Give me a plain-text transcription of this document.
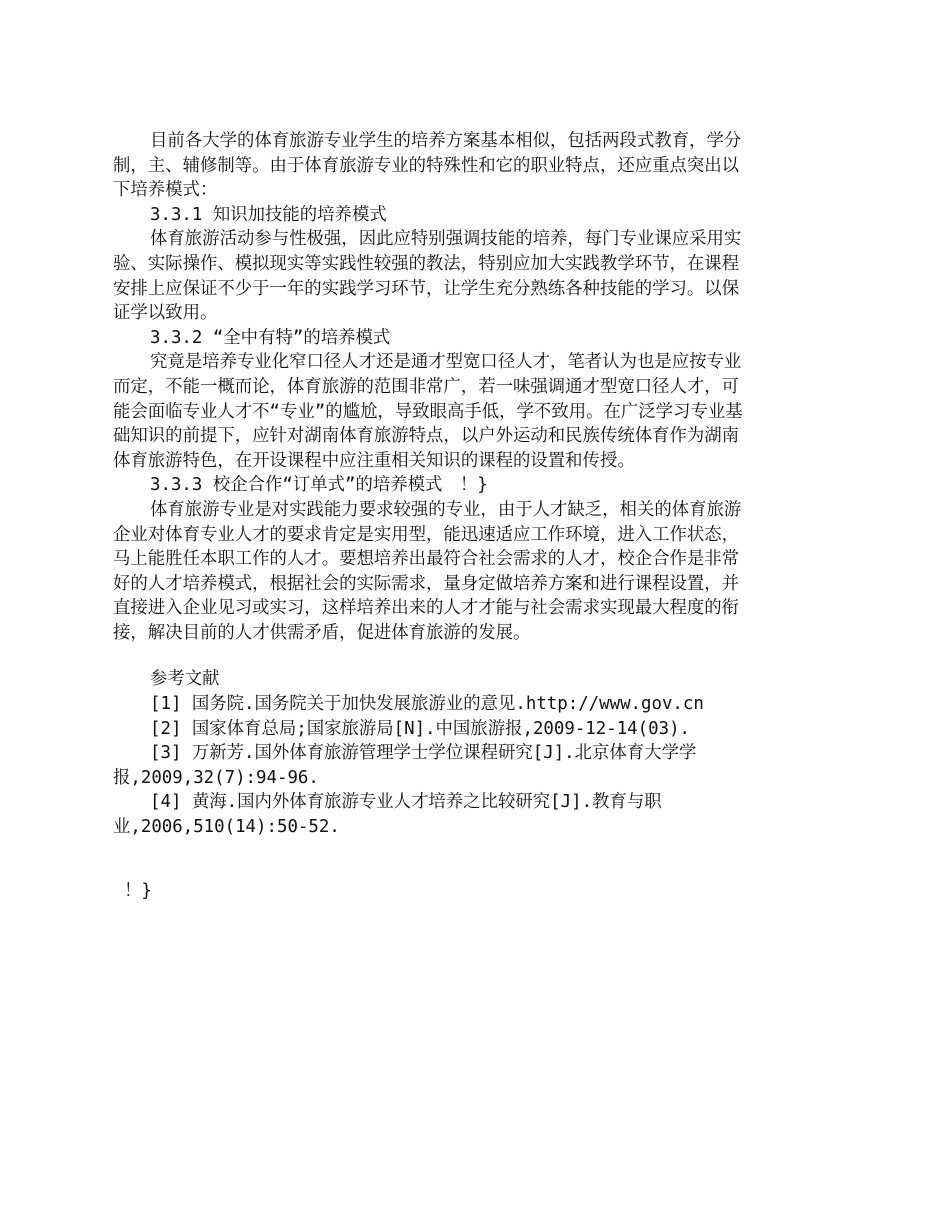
目前各大学的体育旅游专业学生的培养方案基本相似，包括两段式教育，学分制，主、辅修制等。由于体育旅游专业的特殊性和它的职业特点，还应重点突出以下培养模式：

3.3.1 知识加技能的培养模式

体育旅游活动参与性极强，因此应特别强调技能的培养，每门专业课应采用实验、实际操作、模拟现实等实践性较强的教法，特别应加大实践教学环节，在课程安排上应保证不少于一年的实践学习环节，让学生充分熟练各种技能的学习。以保证学以致用。

3.3.2 “全中有特”的培养模式

究竟是培养专业化窄口径人才还是通才型宽口径人才，笔者认为也是应按专业而定，不能一概而论，体育旅游的范围非常广，若一味强调通才型宽口径人才，可能会面临专业人才不“专业”的尴尬，导致眼高手低，学不致用。在广泛学习专业基础知识的前提下，应针对湖南体育旅游特点，以户外运动和民族传统体育作为湖南体育旅游特色，在开设课程中应注重相关知识的课程的设置和传授。

3.3.3 校企合作“订单式”的培养模式　！}

体育旅游专业是对实践能力要求较强的专业，由于人才缺乏，相关的体育旅游企业对体育专业人才的要求肯定是实用型，能迅速适应工作环境，进入工作状态，马上能胜任本职工作的人才。要想培养出最符合社会需求的人才，校企合作是非常好的人才培养模式，根据社会的实际需求，量身定做培养方案和进行课程设置，并直接进入企业见习或实习，这样培养出来的人才才能与社会需求实现最大程度的衔接，解决目前的人才供需矛盾，促进体育旅游的发展。

参考文献

[1] 国务院.国务院关于加快发展旅游业的意见.http://www.gov.cn

[2] 国家体育总局;国家旅游局[N].中国旅游报,2009-12-14(03).

[3] 万新芳.国外体育旅游管理学士学位课程研究[J].北京体育大学学报,2009,32(7):94-96.

[4] 黄海.国内外体育旅游专业人才培养之比较研究[J].教育与职业,2006,510(14):50-52.

！}
